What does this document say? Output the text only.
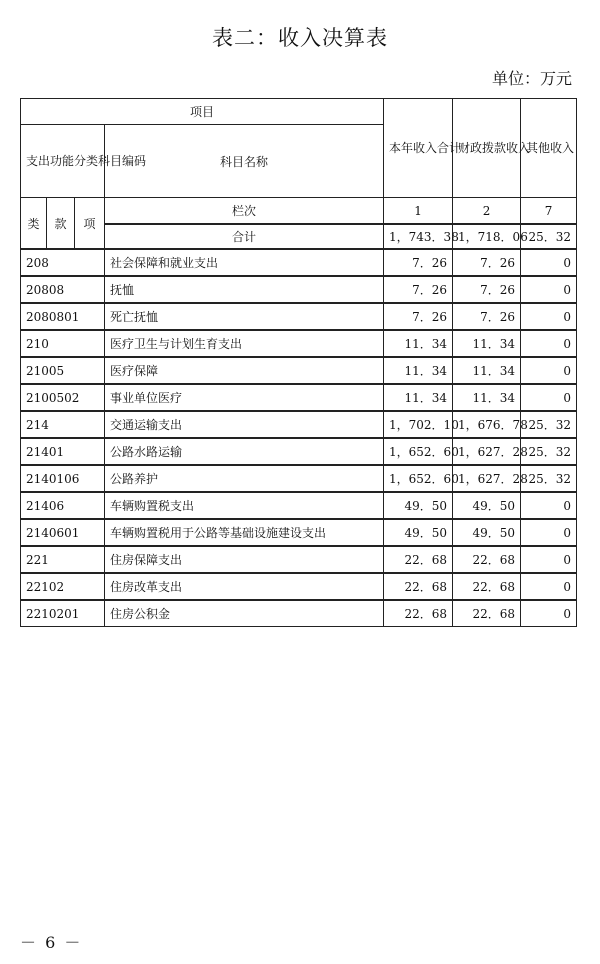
表二：收入决算表
单位：万元
项目				本年收入合计	财政拨款收入	其他收入
支出功能分类科目编码			科目名称			
类	款	项	栏次	1	2	7
			合计	1，743．38	1，718．06	25．32
208			社会保障和就业支出	7．26	7．26	0
20808			抚恤	7．26	7．26	0
2080801			死亡抚恤	7．26	7．26	0
210			医疗卫生与计划生育支出	11．34	11．34	0
21005			医疗保障	11．34	11．34	0
2100502			事业单位医疗	11．34	11．34	0
214			交通运输支出	1，702．10	1，676．78	25．32
21401			公路水路运输	1，652．60	1，627．28	25．32
2140106			公路养护	1，652．60	1，627．28	25．32
21406			车辆购置税支出	49．50	49．50	0
2140601			车辆购置税用于公路等基础设施建设支出	49．50	49．50	0
221			住房保障支出	22．68	22．68	0
22102			住房改革支出	22．68	22．68	0
2210201			住房公积金	22．68	22．68	0
－ 6 －
